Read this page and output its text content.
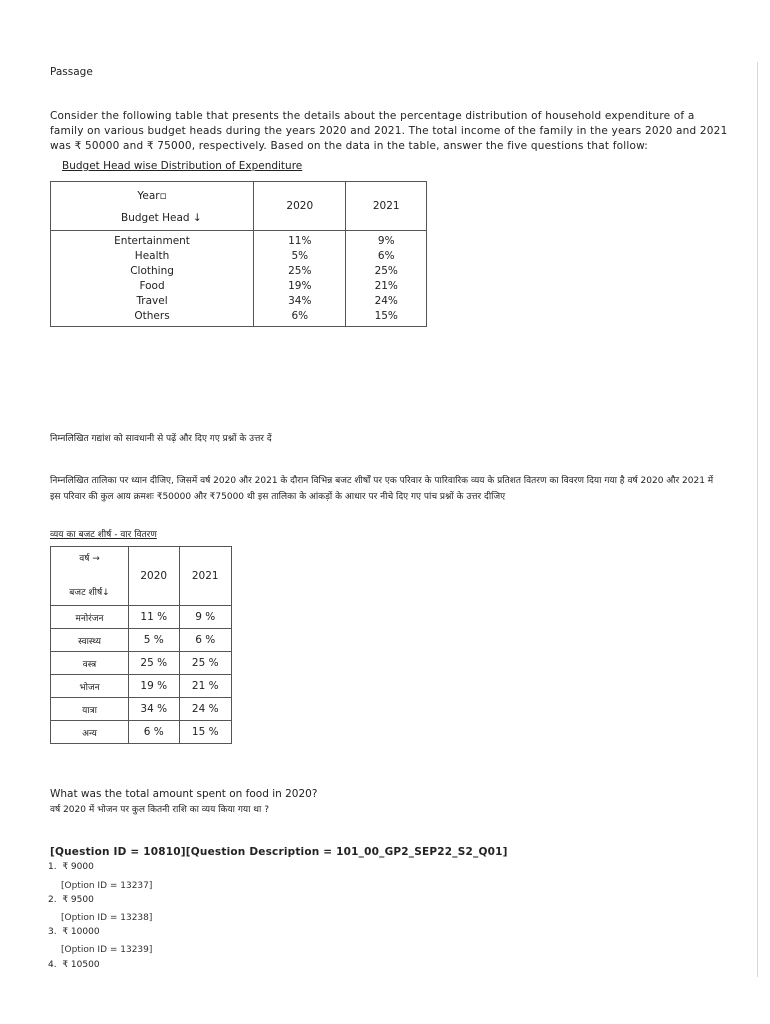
Passage
Consider the following table that presents the details about the percentage distribution of household expenditure of a family on various budget heads during the years 2020 and 2021. The total income of the family in the years 2020 and 2021 was ₹ 50000 and ₹ 75000, respectively. Based on the data in the table, answer the five questions that follow:
Budget Head wise Distribution of Expenditure
Year▫
Budget Head ↓	2020	2021
Entertainment	11%	9%
Health	5%	6%
Clothing	25%	25%
Food	19%	21%
Travel	34%	24%
Others	6%	15%
निम्नलिखित गद्यांश को सावधानी से पढ़ें और दिए गए प्रश्नों के उत्तर दें
निम्नलिखित तालिका पर ध्यान दीजिए, जिसमें वर्ष 2020 और 2021 के दौरान विभिन्न बजट शीर्षों पर एक परिवार के पारिवारिक व्यय के प्रतिशत वितरण का विवरण दिया गया है वर्ष 2020 और 2021 में इस परिवार की कुल आय क्रमशः ₹50000 और ₹75000 थी इस तालिका के आंकड़ों के आधार पर नीचे दिए गए पांच प्रश्नों के उत्तर दीजिए
व्यय का बजट शीर्ष - वार वितरण
वर्ष →
बजट शीर्ष↓	2020	2021
मनोरंजन	11 %	9 %
स्वास्थ्य	5 %	6 %
वस्त्र	25 %	25 %
भोजन	19 %	21 %
यात्रा	34 %	24 %
अन्य	6 %	15 %
What was the total amount spent on food in 2020?
वर्ष 2020 में भोजन पर कुल कितनी राशि का व्यय किया गया था ?
[Question ID = 10810][Question Description = 101_00_GP2_SEP22_S2_Q01]
1. ₹ 9000
[Option ID = 13237]
2. ₹ 9500
[Option ID = 13238]
3. ₹ 10000
[Option ID = 13239]
4. ₹ 10500
